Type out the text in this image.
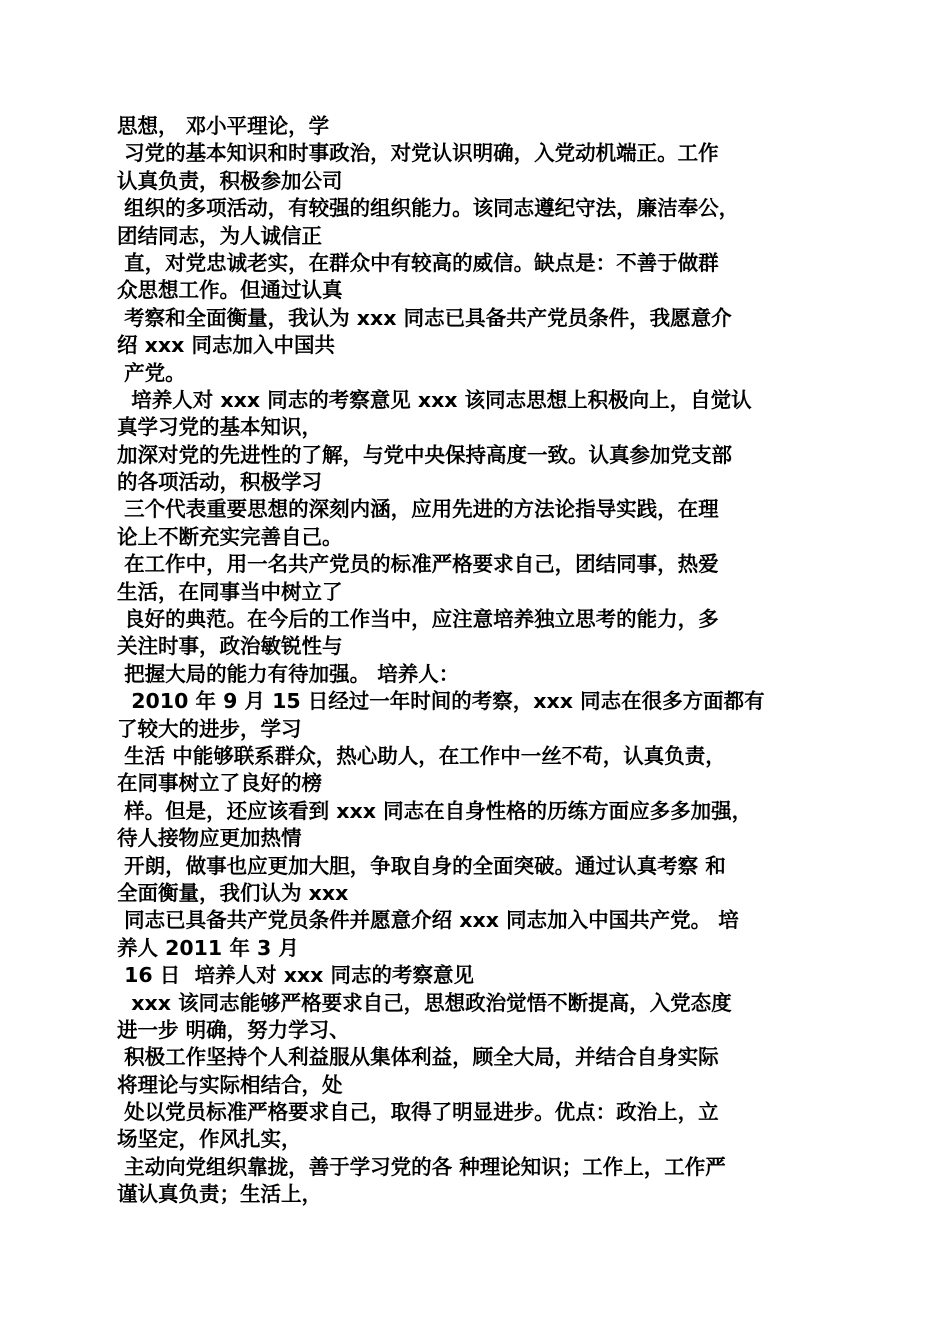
思想， 邓小平理论，学
习党的基本知识和时事政治，对党认识明确，入党动机端正。工作
认真负责，积极参加公司
组织的多项活动，有较强的组织能力。该同志遵纪守法，廉洁奉公，
团结同志，为人诚信正
直，对党忠诚老实，在群众中有较高的威信。缺点是：不善于做群
众思想工作。但通过认真
考察和全面衡量，我认为 xxx 同志已具备共产党员条件，我愿意介
绍 xxx 同志加入中国共
产党。
培养人对 xxx 同志的考察意见 xxx 该同志思想上积极向上，自觉认
真学习党的基本知识，
加深对党的先进性的了解，与党中央保持高度一致。认真参加党支部
的各项活动，积极学习
三个代表重要思想的深刻内涵，应用先进的方法论指导实践，在理
论上不断充实完善自己。
在工作中，用一名共产党员的标准严格要求自己，团结同事，热爱
生活，在同事当中树立了
良好的典范。在今后的工作当中，应注意培养独立思考的能力，多
关注时事，政治敏锐性与
把握大局的能力有待加强。 培养人：
2010 年 9 月 15 日经过一年时间的考察，xxx 同志在很多方面都有
了较大的进步，学习
生活 中能够联系群众，热心助人，在工作中一丝不苟，认真负责，
在同事树立了良好的榜
样。但是，还应该看到 xxx 同志在自身性格的历练方面应多多加强，
待人接物应更加热情
开朗，做事也应更加大胆，争取自身的全面突破。通过认真考察 和
全面衡量，我们认为 xxx
同志已具备共产党员条件并愿意介绍 xxx 同志加入中国共产党。 培
养人 2011 年 3 月
16 日  培养人对 xxx 同志的考察意见
xxx 该同志能够严格要求自己，思想政治觉悟不断提高，入党态度
进一步 明确，努力学习、
积极工作坚持个人利益服从集体利益，顾全大局，并结合自身实际
将理论与实际相结合，处
处以党员标准严格要求自己，取得了明显进步。优点：政治上，立
场坚定，作风扎实，
主动向党组织靠拢，善于学习党的各 种理论知识；工作上，工作严
谨认真负责；生活上，
